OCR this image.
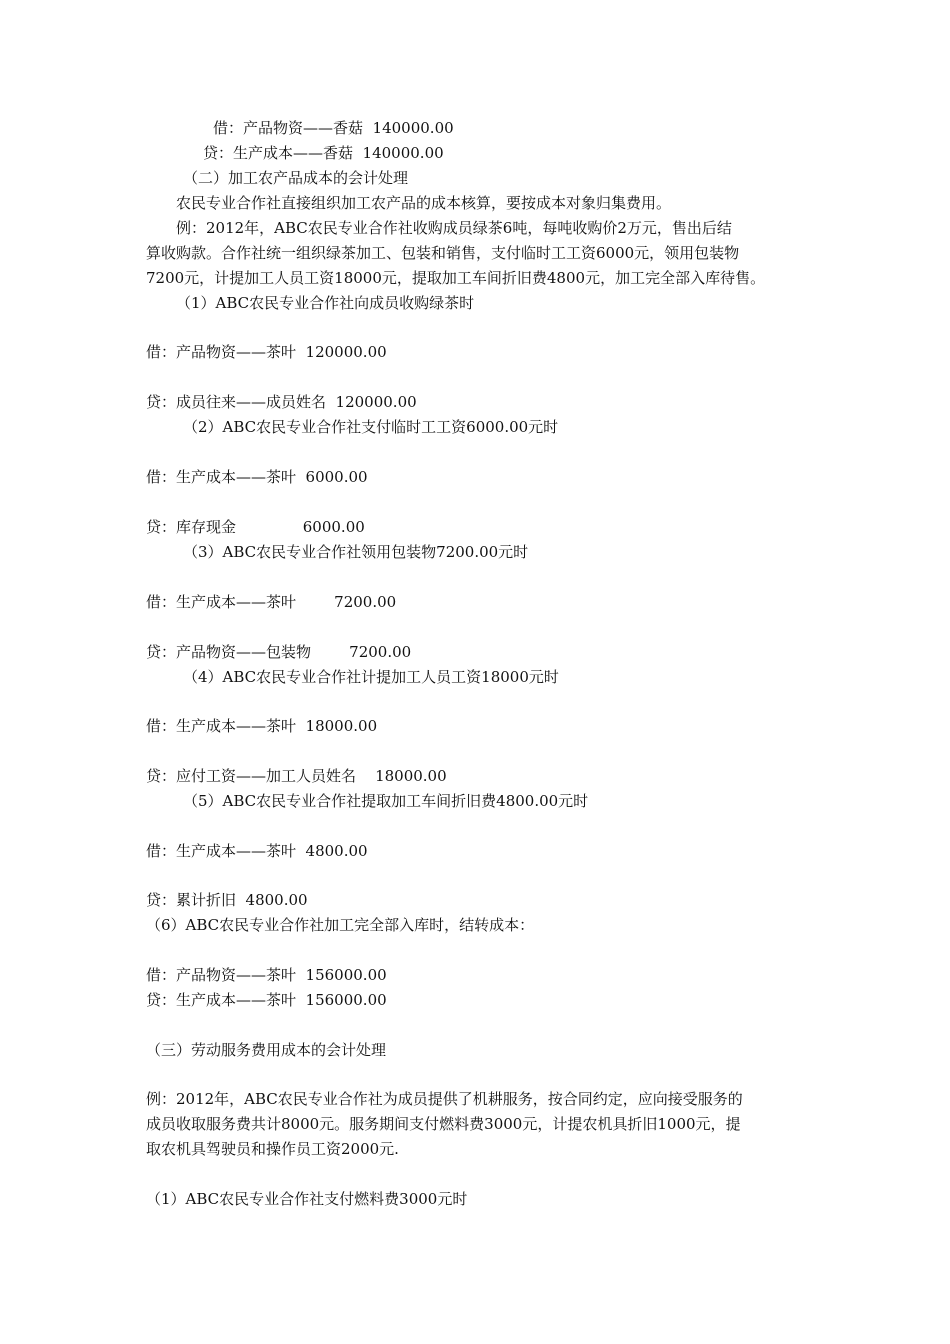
借：产品物资——香菇  140000.00
贷：生产成本——香菇  140000.00
（二）加工农产品成本的会计处理
农民专业合作社直接组织加工农产品的成本核算，要按成本对象归集费用。
例：2012年，ABC农民专业合作社收购成员绿茶6吨，每吨收购价2万元，售出后结
算收购款。合作社统一组织绿茶加工、包装和销售，支付临时工工资6000元，领用包装物
7200元，计提加工人员工资18000元，提取加工车间折旧费4800元，加工完全部入库待售。
（1）ABC农民专业合作社向成员收购绿茶时
借：产品物资——茶叶  120000.00
贷：成员往来——成员姓名  120000.00
（2）ABC农民专业合作社支付临时工工资6000.00元时
借：生产成本——茶叶  6000.00
贷：库存现金              6000.00
（3）ABC农民专业合作社领用包装物7200.00元时
借：生产成本——茶叶        7200.00
贷：产品物资——包装物        7200.00
（4）ABC农民专业合作社计提加工人员工资18000元时
借：生产成本——茶叶  18000.00
贷：应付工资——加工人员姓名    18000.00
（5）ABC农民专业合作社提取加工车间折旧费4800.00元时
借：生产成本——茶叶  4800.00
贷：累计折旧  4800.00
（6）ABC农民专业合作社加工完全部入库时，结转成本：
借：产品物资——茶叶  156000.00
贷：生产成本——茶叶  156000.00
（三）劳动服务费用成本的会计处理
例：2012年，ABC农民专业合作社为成员提供了机耕服务，按合同约定，应向接受服务的
成员收取服务费共计8000元。服务期间支付燃料费3000元，计提农机具折旧1000元，提
取农机具驾驶员和操作员工资2000元.
（1）ABC农民专业合作社支付燃料费3000元时
